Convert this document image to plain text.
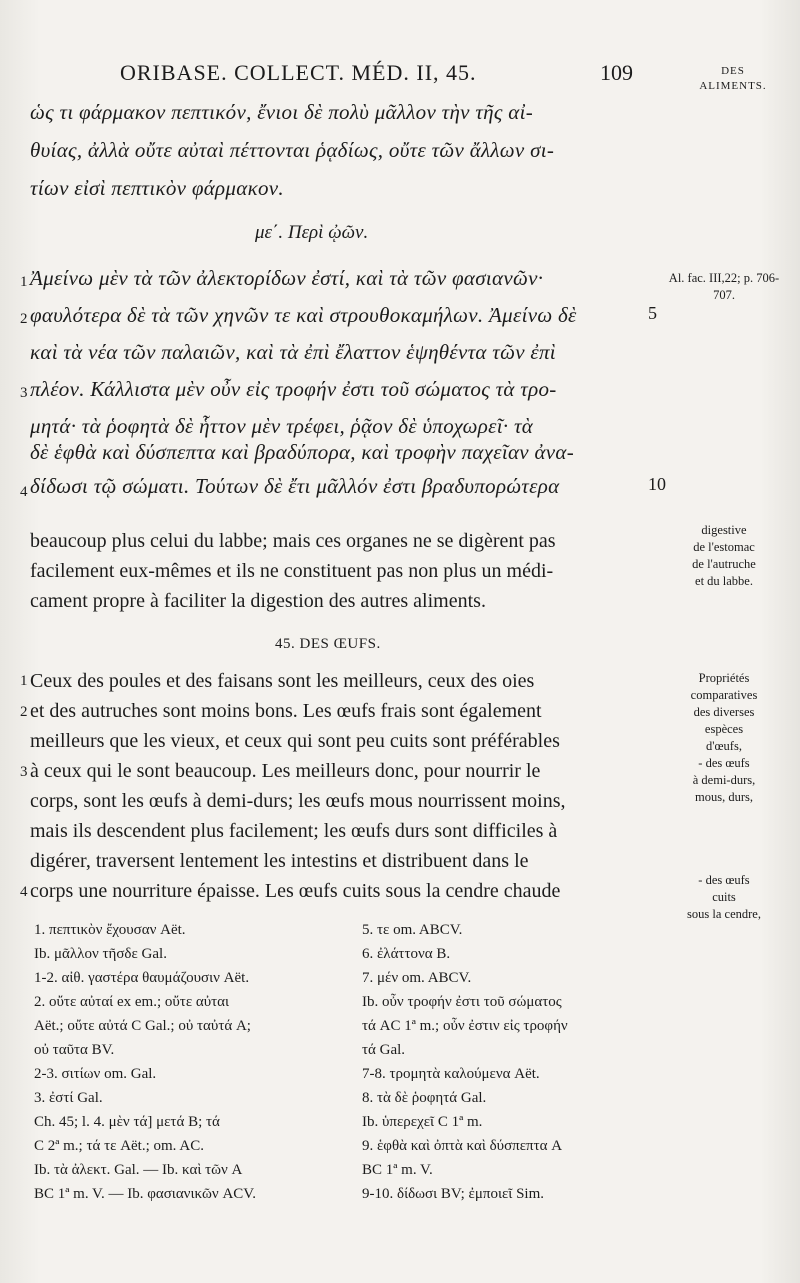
ORIBASE. COLLECT. MÉD. II, 45.	109	DES ALIMENTS.
ὡς τι φάρμακον πεπτικόν, ἔνιοι δὲ πολὺ μᾶλλον τὴν τῆς αἰ-
θυίας, ἀλλὰ οὔτε αὐταὶ πέττονται ῥᾳδίως, οὔτε τῶν ἄλλων σι-
τίων εἰσὶ πεπτικὸν φάρμακον.
με΄. Περὶ ᾠῶν.
1 Ἀμείνω μὲν τὰ τῶν ἀλεκτορίδων ἐστί, καὶ τὰ τῶν φασιανῶν·
2 φαυλότερα δὲ τὰ τῶν χηνῶν τε καὶ στρουθοκαμήλων. Ἀμείνω δὲ	5
καὶ τὰ νέα τῶν παλαιῶν, καὶ τὰ ἐπὶ ἔλαττον ἑψηθέντα τῶν ἐπὶ
3 πλέον. Κάλλιστα μὲν οὖν εἰς τροφήν ἐστι τοῦ σώματος τὰ τρο-
μητά· τὰ ῥοφητὰ δὲ ἧττον μὲν τρέφει, ῥᾷον δὲ ὑποχωρεῖ· τὰ
δὲ ἑφθὰ καὶ δύσπεπτα καὶ βραδύπορα, καὶ τροφὴν παχεῖαν ἀνα-
4 δίδωσι τῷ σώματι. Τούτων δὲ ἔτι μᾶλλόν ἐστι βραδυπορώτερα	10
Al. fac. III,22; p. 706-707.
beaucoup plus celui du labbe; mais ces organes ne se digèrent pas
facilement eux-mêmes et ils ne constituent pas non plus un médi-
cament propre à faciliter la digestion des autres aliments.
digestive
de l'estomac
de l'autruche
et du labbe.
45. DES ŒUFS.
1 Ceux des poules et des faisans sont les meilleurs, ceux des oies
2 et des autruches sont moins bons. Les œufs frais sont également
meilleurs que les vieux, et ceux qui sont peu cuits sont préférables
3 à ceux qui le sont beaucoup. Les meilleurs donc, pour nourrir le
corps, sont les œufs à demi-durs; les œufs mous nourrissent moins,
mais ils descendent plus facilement; les œufs durs sont difficiles à
digérer, traversent lentement les intestins et distribuent dans le
4 corps une nourriture épaisse. Les œufs cuits sous la cendre chaude
Propriétés
comparatives
des diverses
espèces
d'œufs,
- des œufs
à demi-durs,
mous, durs,
- des œufs
cuits
sous la cendre,
1. πεπτικὸν ἔχουσαν Aët.
Ib. μᾶλλον τῆσδε Gal.
1-2. αἰθ. γαστέρα θαυμάζουσιν Aët.
2. οὔτε αὐταί ex em.; οὔτε αὐται
Aët.; οὔτε αὐτά C Gal.; οὐ ταὐτά A;
οὐ ταῦτα BV.
2-3. σιτίων om. Gal.
3. ἐστί Gal.
Ch. 45; l. 4. μὲν τά] μετά B; τά
C 2ª m.; τά τε Aët.; om. AC.
Ib. τὰ ἀλεκτ. Gal. — Ib. καὶ τῶν A
BC 1ª m. V. — Ib. φασιανικῶν ACV.
5. τε om. ABCV.
6. ἐλάττονα B.
7. μέν om. ABCV.
Ib. οὖν τροφήν ἐστι τοῦ σώματος
τά AC 1ª m.; οὖν ἐστιν εἰς τροφήν
τά Gal.
7-8. τρομητὰ καλούμενα Aët.
8. τὰ δὲ ῥοφητά Gal.
Ib. ὑπερεχεῖ C 1ª m.
9. ἑφθὰ καὶ ὀπτὰ καὶ δύσπεπτα A
BC 1ª m. V.
9-10. δίδωσι BV; ἐμποιεῖ Sim.
